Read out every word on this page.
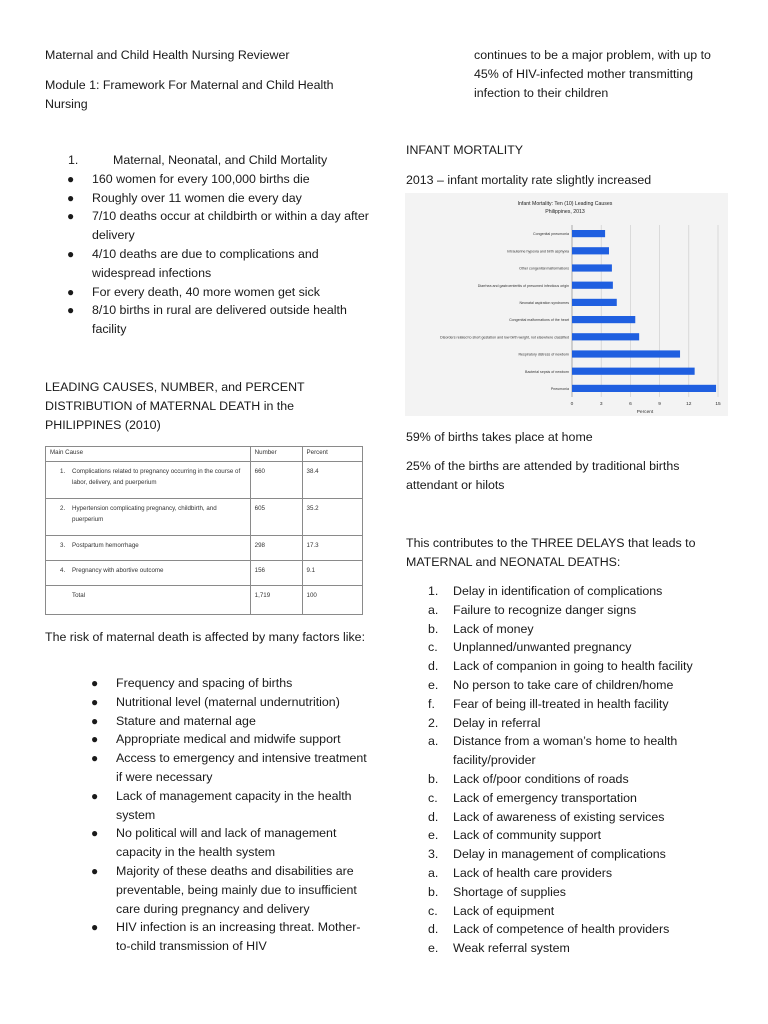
Maternal and Child Health Nursing Reviewer

Module 1: Framework For Maternal and Child Health Nursing

1.	Maternal, Neonatal, and Child Mortality
● 160 women for every 100,000 births die
● Roughly over 11 women die every day
● 7/10 deaths occur at childbirth or within a day after delivery
● 4/10 deaths are due to complications and widespread infections
● For every death, 40 more women get sick
● 8/10 births in rural are delivered outside health facility

LEADING CAUSES, NUMBER, and PERCENT DISTRIBUTION of MATERNAL DEATH in the PHILIPPINES (2010)

Main Cause	Number	Percent

1. Complications related to pregnancy occurring in the course of labor, delivery, and puerperium	660	38.4

2. Hypertension complicating pregnancy, childbirth, and puerperium	605	35.2

3. Postpartum hemorrhage	298	17.3

4. Pregnancy with abortive outcome	156	9.1

Total	1,719	100

The risk of maternal death is affected by many factors like:

● Frequency and spacing of births
● Nutritional level (maternal undernutrition)
● Stature and maternal age
● Appropriate medical and midwife support
● Access to emergency and intensive treatment if were necessary
● Lack of management capacity in the health system
● No political will and lack of management capacity in the health system
● Majority of these deaths and disabilities are preventable, being mainly due to insufficient care during pregnancy and delivery
● HIV infection is an increasing threat. Mother-to-child transmission of HIV

continues to be a major problem, with up to 45% of HIV-infected mother transmitting infection to their children

INFANT MORTALITY

2013 – infant mortality rate slightly increased

59% of births takes place at home

25% of the births are attended by traditional births attendant or hilots

This contributes to the THREE DELAYS that leads to MATERNAL and NEONATAL DEATHS:

1. Delay in identification of complications
a. Failure to recognize danger signs
b. Lack of money
c. Unplanned/unwanted pregnancy
d. Lack of companion in going to health facility
e. No person to take care of children/home
f. Fear of being ill-treated in health facility
2. Delay in referral
a. Distance from a woman’s home to health facility/provider
b. Lack of/poor conditions of roads
c. Lack of emergency transportation
d. Lack of awareness of existing services
e. Lack of community support
3. Delay in management of complications
a. Lack of health care providers
b. Shortage of supplies
c. Lack of equipment
d. Lack of competence of health providers
e. Weak referral system
Infant Mortality: Ten (10) Leading Causes
Philippines, 2013
0	3	6	9	12	15
Percent
Congenital pneumonia
Intrauterine hypoxia and birth asphyxia
Other congenital malformations
Diarrhea and gastroenteritis of presumed infectious origin
Neonatal aspiration syndromes
Congenital malformations of the heart
Disorders related to short gestation and low birth weight, not elsewhere classified
Respiratory distress of newborn
Bacterial sepsis of newborn
Pneumonia
